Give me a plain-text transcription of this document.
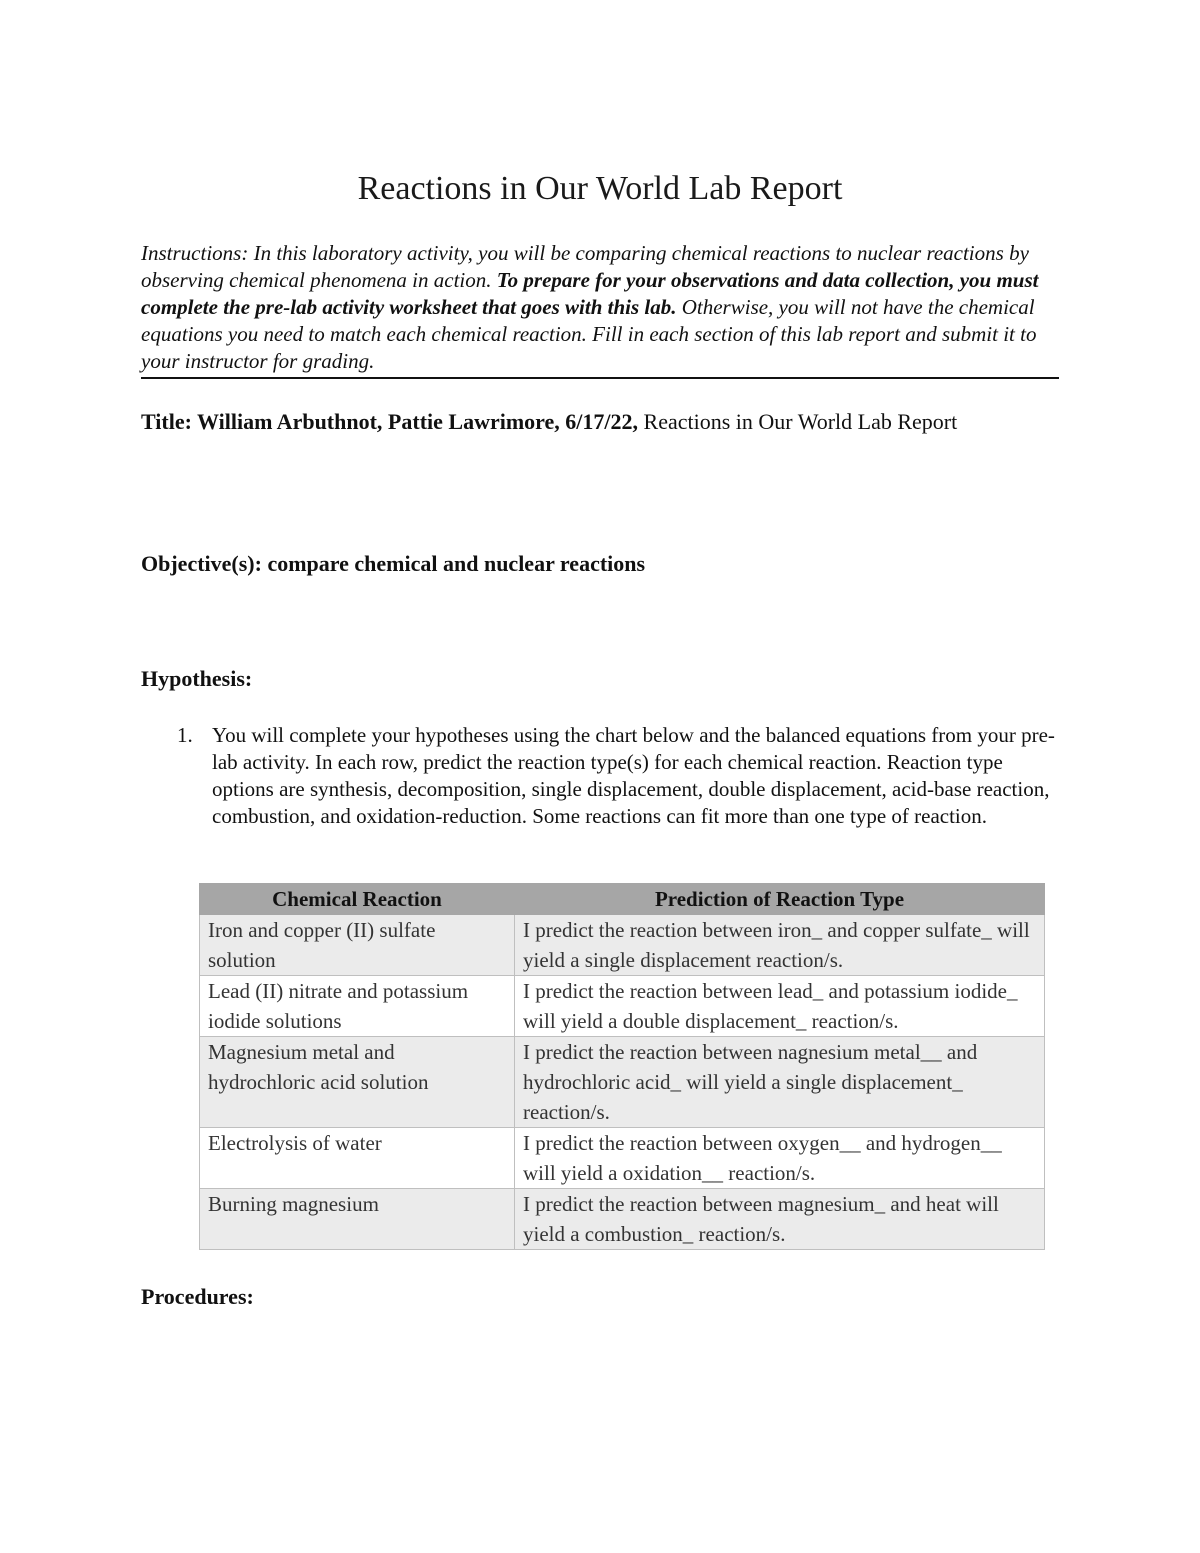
Reactions in Our World Lab Report

Instructions: In this laboratory activity, you will be comparing chemical reactions to nuclear reactions by observing chemical phenomena in action. To prepare for your observations and data collection, you must complete the pre-lab activity worksheet that goes with this lab. Otherwise, you will not have the chemical equations you need to match each chemical reaction. Fill in each section of this lab report and submit it to your instructor for grading.

Title: William Arbuthnot, Pattie Lawrimore, 6/17/22, Reactions in Our World Lab Report

Objective(s): compare chemical and nuclear reactions
Hypothesis:
1. You will complete your hypotheses using the chart below and the balanced equations from your pre-lab activity. In each row, predict the reaction type(s) for each chemical reaction. Reaction type options are synthesis, decomposition, single displacement, double displacement, acid-base reaction, combustion, and oxidation-reduction. Some reactions can fit more than one type of reaction.
Chemical Reaction	Prediction of Reaction Type
Iron and copper (II) sulfate solution	I predict the reaction between iron_ and copper sulfate_ will yield a single displacement reaction/s.
Lead (II) nitrate and potassium iodide solutions	I predict the reaction between lead_ and potassium iodide_ will yield a double displacement_ reaction/s.
Magnesium metal and hydrochloric acid solution	I predict the reaction between nagnesium metal__ and hydrochloric acid_ will yield a single displacement_ reaction/s.
Electrolysis of water	I predict the reaction between oxygen__ and hydrogen__ will yield a oxidation__ reaction/s.
Burning magnesium	I predict the reaction between magnesium_ and heat will yield a combustion_ reaction/s.
Procedures:
